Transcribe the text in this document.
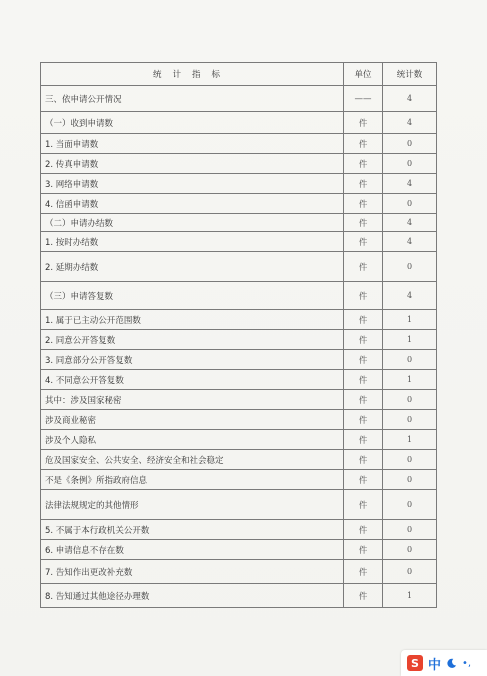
统计指标	单位	统计数
三、依申请公开情况	——	4
（一）收到申请数	件	4
1. 当面申请数	件	0
2. 传真申请数	件	0
3. 网络申请数	件	4
4. 信函申请数	件	0
（二）申请办结数	件	4
1. 按时办结数	件	4
2. 延期办结数	件	0
（三）申请答复数	件	4
1. 属于已主动公开范围数	件	1
2. 同意公开答复数	件	1
3. 同意部分公开答复数	件	0
4. 不同意公开答复数	件	1
其中：涉及国家秘密	件	0
涉及商业秘密	件	0
涉及个人隐私	件	1
危及国家安全、公共安全、经济安全和社会稳定	件	0
不是《条例》所指政府信息	件	0
法律法规规定的其他情形	件	0
5. 不属于本行政机关公开数	件	0
6. 申请信息不存在数	件	0
7. 告知作出更改补充数	件	0
8. 告知通过其他途径办理数	件	1
S 中 •,
